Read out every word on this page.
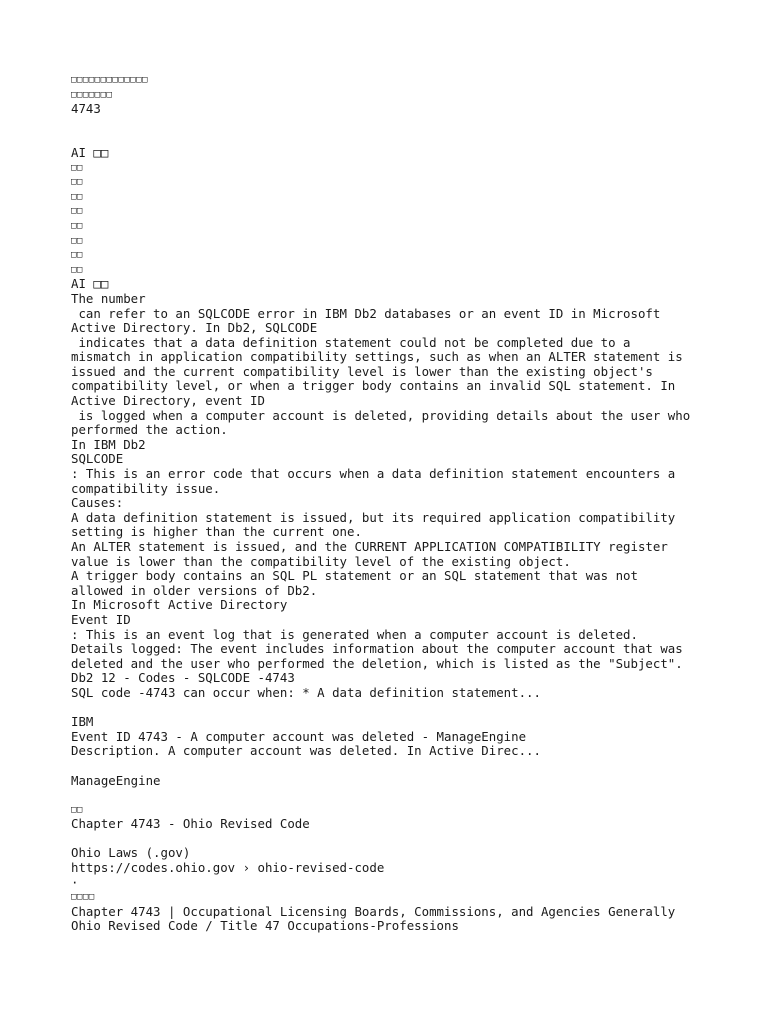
□□□□□□□□□□□□□
□□□□□□□
4743
AI □□
□□
□□
□□
□□
□□
□□
□□
□□
AI □□
The number
can refer to an SQLCODE error in IBM Db2 databases or an event ID in Microsoft
Active Directory. In Db2, SQLCODE
indicates that a data definition statement could not be completed due to a
mismatch in application compatibility settings, such as when an ALTER statement is
issued and the current compatibility level is lower than the existing object's
compatibility level, or when a trigger body contains an invalid SQL statement. In
Active Directory, event ID
is logged when a computer account is deleted, providing details about the user who
performed the action.
In IBM Db2
SQLCODE
: This is an error code that occurs when a data definition statement encounters a
compatibility issue.
Causes:
A data definition statement is issued, but its required application compatibility
setting is higher than the current one.
An ALTER statement is issued, and the CURRENT APPLICATION COMPATIBILITY register
value is lower than the compatibility level of the existing object.
A trigger body contains an SQL PL statement or an SQL statement that was not
allowed in older versions of Db2.
In Microsoft Active Directory
Event ID
: This is an event log that is generated when a computer account is deleted.
Details logged: The event includes information about the computer account that was
deleted and the user who performed the deletion, which is listed as the "Subject".
Db2 12 - Codes - SQLCODE -4743
SQL code -4743 can occur when: * A data definition statement...
IBM
Event ID 4743 - A computer account was deleted - ManageEngine
Description. A computer account was deleted. In Active Direc...
ManageEngine
□□
Chapter 4743 - Ohio Revised Code
Ohio Laws (.gov)
https://codes.ohio.gov › ohio-revised-code
·
□□□□
Chapter 4743 | Occupational Licensing Boards, Commissions, and Agencies Generally
Ohio Revised Code / Title 47 Occupations-Professions
